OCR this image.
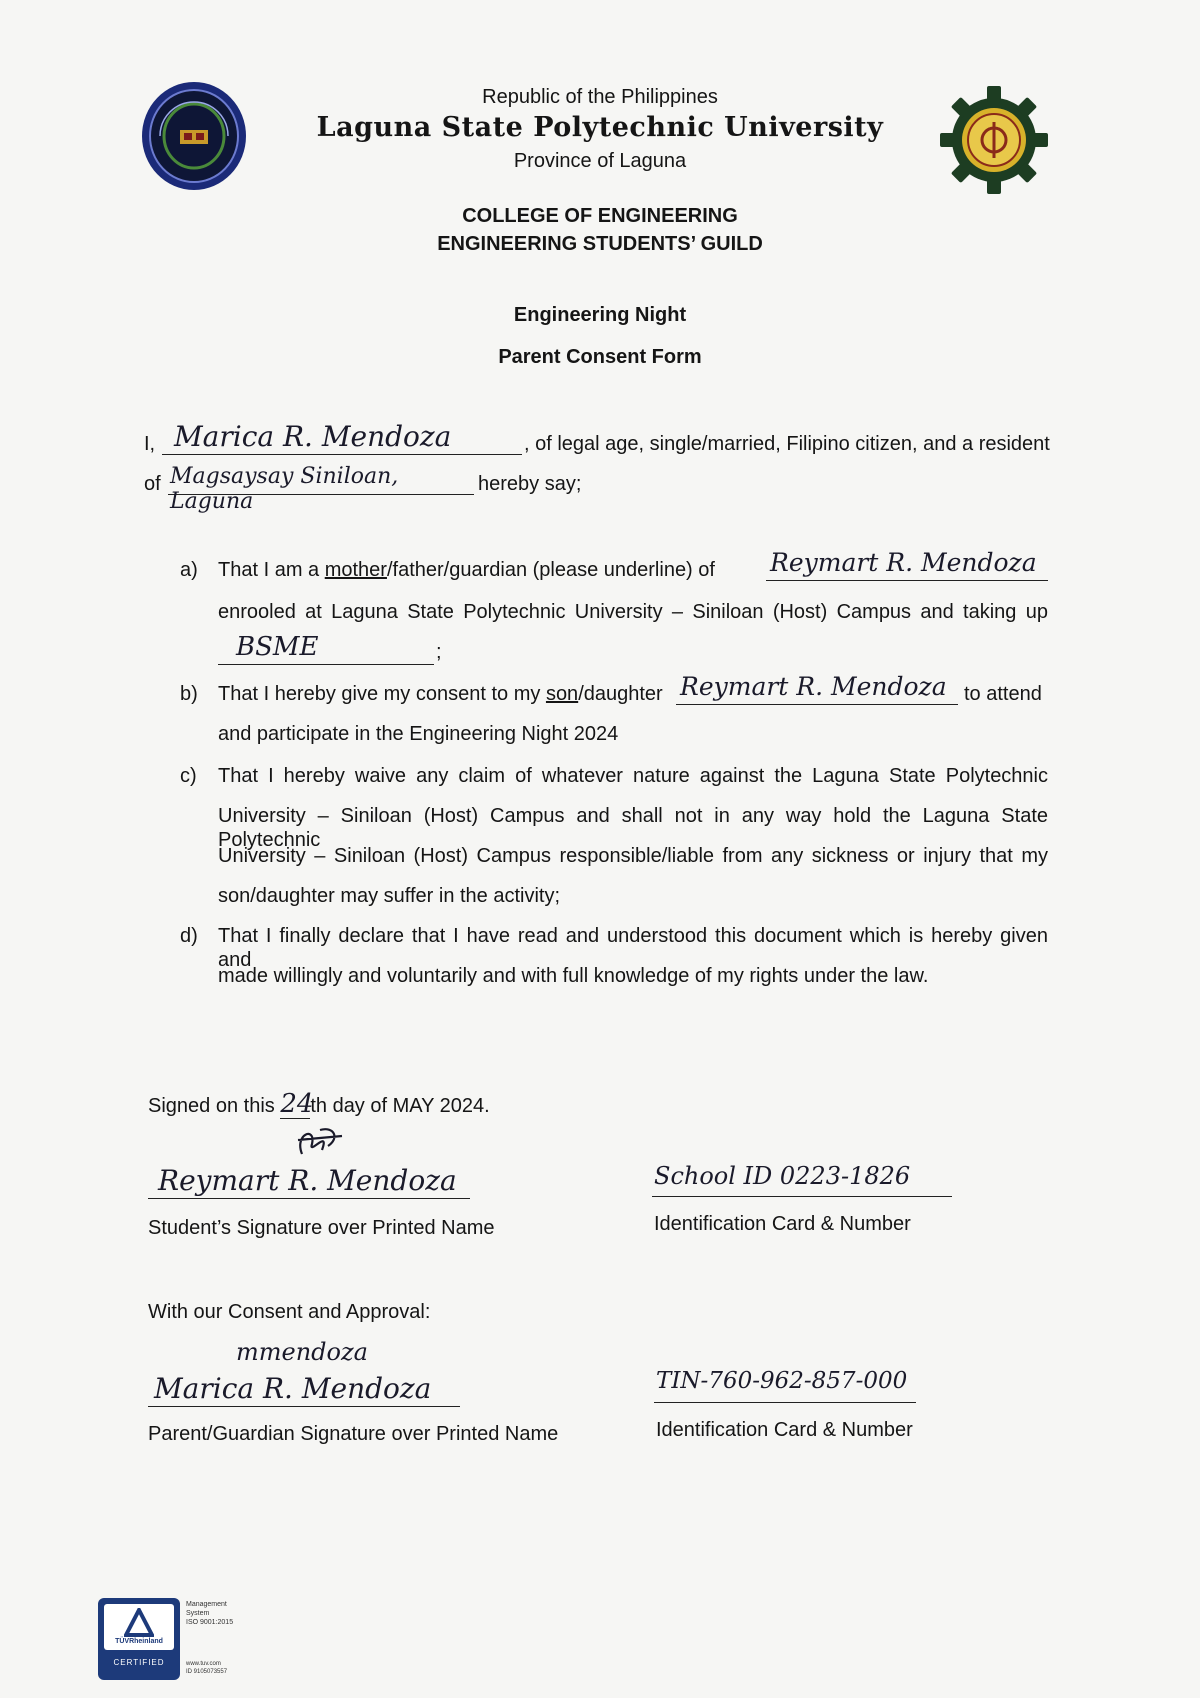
Republic of the Philippines
Laguna State Polytechnic University
Province of Laguna
COLLEGE OF ENGINEERING
ENGINEERING STUDENTS’ GUILD
Engineering Night
Parent Consent Form
I, Marica R. Mendoza	, of legal age, single/married, Filipino citizen, and a resident
of Magsaysay Siniloan, Laguna
hereby say;
a) That I am a mother/father/guardian (please underline) of Reymart R. Mendoza
enrooled at Laguna State Polytechnic University – Siniloan (Host) Campus and taking up
BSME	;
b) That I hereby give my consent to my son/daughter Reymart R. Mendoza to attend
and participate in the Engineering Night 2024
c) That I hereby waive any claim of whatever nature against the Laguna State Polytechnic
University – Siniloan (Host) Campus and shall not in any way hold the Laguna State Polytechnic
University – Siniloan (Host) Campus responsible/liable from any sickness or injury that my
son/daughter may suffer in the activity;
d) That I finally declare that I have read and understood this document which is hereby given and
made willingly and voluntarily and with full knowledge of my rights under the law.
Signed on this 24th day of MAY 2024.
Reymart R. Mendoza
Student’s Signature over Printed Name
School ID 0223-1826
Identification Card & Number
With our Consent and Approval:
mmendoza
Marica R. Mendoza
Parent/Guardian Signature over Printed Name
TIN-760-962-857-000
Identification Card & Number
TÜVRheinland
CERTIFIED
Management
System
ISO 9001:2015
www.tuv.com
ID 9105073557
